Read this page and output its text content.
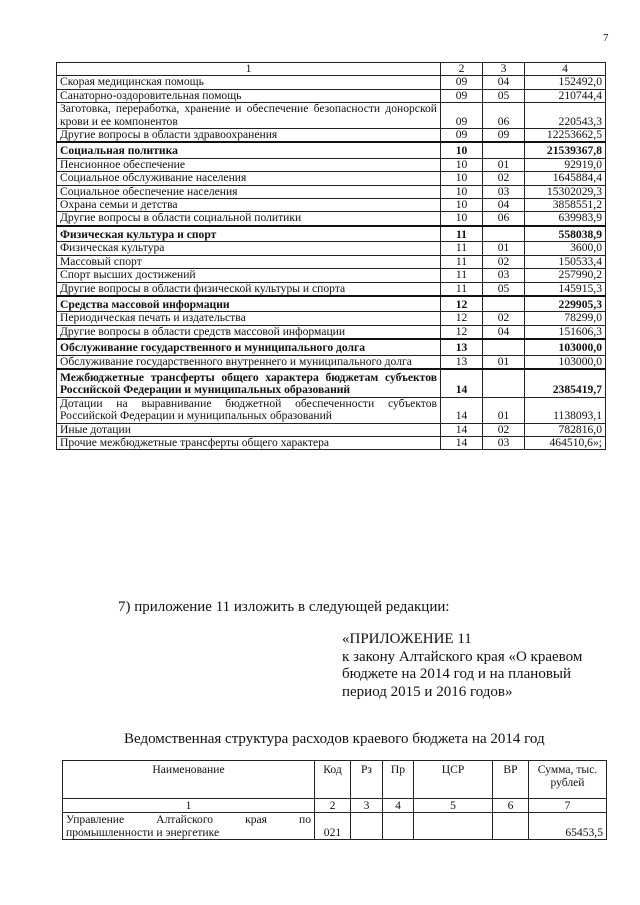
7
1	2	3	4
Скорая медицинская помощь	09	04	152492,0
Санаторно-оздоровительная помощь	09	05	210744,4
Заготовка, переработка, хранение и обеспечение безопасности донорской крови и ее компонентов	09	06	220543,3
Другие вопросы в области здравоохранения	09	09	12253662,5
Социальная политика	10		21539367,8
Пенсионное обеспечение	10	01	92919,0
Социальное обслуживание населения	10	02	1645884,4
Социальное обеспечение населения	10	03	15302029,3
Охрана семьи и детства	10	04	3858551,2
Другие вопросы в области социальной политики	10	06	639983,9
Физическая культура и спорт	11		558038,9
Физическая культура	11	01	3600,0
Массовый спорт	11	02	150533,4
Спорт высших достижений	11	03	257990,2
Другие вопросы в области физической культуры и спорта	11	05	145915,3
Средства массовой информации	12		229905,3
Периодическая печать и издательства	12	02	78299,0
Другие вопросы в области средств массовой информации	12	04	151606,3
Обслуживание государственного и муниципального долга	13		103000,0
Обслуживание государственного внутреннего и муниципального долга	13	01	103000,0
Межбюджетные трансферты общего характера бюджетам субъектов Российской Федерации и муниципальных образований	14		2385419,7
Дотации на выравнивание бюджетной обеспеченности субъектов Российской Федерации и муниципальных образований	14	01	1138093,1
Иные дотации	14	02	782816,0
Прочие межбюджетные трансферты общего характера	14	03	464510,6»;
7) приложение 11 изложить в следующей редакции:
«ПРИЛОЖЕНИЕ 11
к закону Алтайского края «О краевом
бюджете на 2014 год и на плановый
период 2015 и 2016 годов»
Ведомственная структура расходов краевого бюджета на 2014 год
Наименование	Код	Рз	Пр	ЦСР	ВР	Сумма, тыс. рублей
1	2	3	4	5	6	7
Управление Алтайского края по промышленности и энергетике	021					65453,5
